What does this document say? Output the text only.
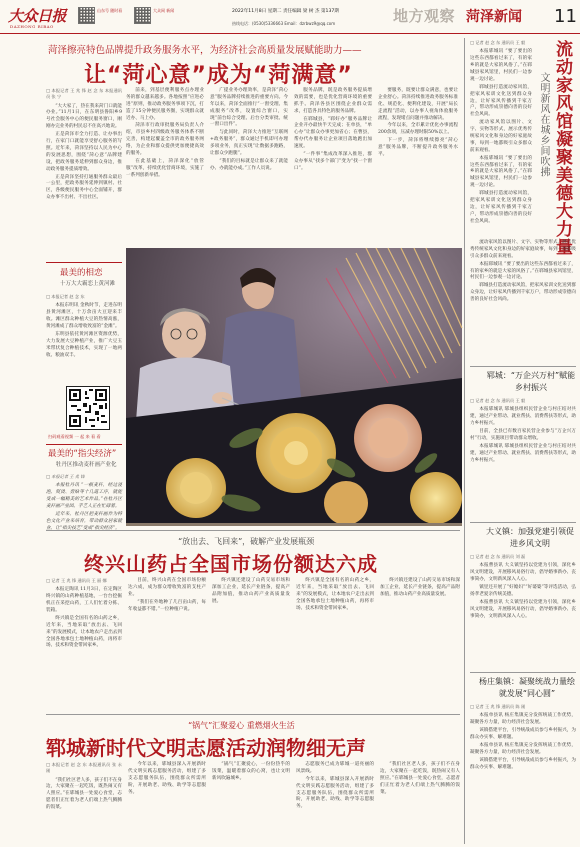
大众日报
DAZHONG RIBAO
山东号 随时看	大众网 新闻	2022年11月8日 星期二 责任编辑 梁 树 杰 第137期
热线电话：(0530)5336663 Email：dzrbwz9@qq.com	地方观察 菏泽新闻 11
菏泽擦亮特色品牌提升政务服务水平，为经济社会高质量发展赋能助力——
让“菏心意”成为“菏满意”
□ 本报记者 王 兆 锋 赵 念 东 本报通讯员 张 宁

“大大家了，热在我来菏门口就能办业。”11月1日，在东明县鲁阳乡9号社会服务中心的便民服务窗口，刚刚办完业务的村民忍不住高兴地说。

正是菏泽市全力打造、让办事出行，在家门口就能享受舒心服务的写照。近年来，菏泽坚持以人民为中心的发展思想，围绕“菏心意”品牌建设，把政务服务延伸到群众身边，推动政务服务提质增效。

正是菏泽坚持打通服务群众最后一公里，把政务服务延伸到镇村、社区，各级便民服务中心全面铺开，群众办事不出村、不出社区。

前来，到基层便利服务点办理业务的群众越来越多。各地按照“应进必进”原则，推动政务服务事项下沉，打造了15分钟便民服务圈，实现群众就近办、马上办。

菏泽市行政审批服务局负责人介绍，市县乡村四级政务服务体系不断完善，构建起覆盖全市的政务服务网络，为企业和群众提供更加便捷高效的服务。

在此基础上，菏泽深化“放管服”改革，持续优化营商环境，实施了一系列创新举措。

广提业务办理效率，是菏泽“菏心意”服务品牌持续推进的重要方向。今年以来，菏泽全面推行“一窗受理、集成服务”改革，设置综合窗口，实现“前台综合受理、后台分类审批、统一窗口出件”。

与此同时，菏泽大力推进“互联网+政务服务”，群众通过手机即可办理多项业务，真正实现“让数据多跑路，让群众少跑腿”。

“我们的目标就是让群众来了就能办、办就能办成。”工作人员说。

服务品牌，既是政务服务提质增效的需要，也是优化营商环境的重要抓手。菏泽各县区围绕企业群众需求，打造各具特色的服务品牌。

在郓城县，“郓好办”服务品牌让企业开办最快半天完成；在单县，“单心办”让群众办事更加省心；在曹县，帮办代办服务让企业项目落地跑出加速度。

“一件事”集成改革深入推进，群众办事从“找多个部门”变为“找一个窗口”。

要服务，既要让群众满意，也要让企业舒心。菏泽持续推进政务服务标准化、规范化、便利化建设，开展“局长走流程”活动，以办事人视角体验服务流程，发现堵点问题并推动解决。

今年以来，全市累计优化办事流程200余项，压减办理时限50%以上。

下一步，菏泽将继续擦亮“菏心意”服务品牌，不断提升政务服务水平。

最美的相恋
十万大大霸恋上黄河滩
□ 本报记者 赵 念 东

本报东明讯 金秋时节，走进东明县黄河滩区，十万余亩大豆迎来丰收。滩区群众种植大豆的热情高涨，黄河滩成了群众增收致富的“金滩”。

东明县依托黄河滩区资源优势，大力发展大豆种植产业，推广大豆玉米带状复合种植技术，实现了一地两收、粮油双丰。

扫码观看视频 一 起 来 看 看
最美的“指尖经济”
牡丹区推动麦秆画产业化
□ 本报记者 王 兆 锋

本报牡丹讯 “一根麦秆，经过浸泡、熨烫、剪贴等十几道工序，就能变成一幅精美的艺术作品。”在牡丹区麦秆画产业园，手艺人正在忙碌着。

近年来，牡丹区把麦秆画作为特色文化产业来培育，带动群众居家就业，让“指尖技艺”变成“指尖经济”。

“放出去、飞回来”，破解产业发展瓶颈
终兴山药占全国市场份额达六成
□ 记者 王 兆 锋 通讯员 王 丽 娜

本报定陶讯 11月3日，在定陶区终兴镇的山药种植基地，一台台挖掘机正在采挖山药，工人们忙着分拣、装箱。

终兴镇是全国有名的山药之乡，近年来，当地采取“放出去、飞回来”的发展模式，让本地农户走出去到全国各地承包土地种植山药，再将市场、技术和资金带回家乡。

目前，终兴山药在全国市场份额达六成，成为群众增收致富的支柱产业。

“我们在外地种了几百亩山药，每年收益都不错。”一位种植户说。

终兴镇还建设了山药交易市场和深加工企业，延长产业链条，提高产品附加值，推动山药产业高质量发展。

终兴镇是全国有名的山药之乡，近年来，当地采取“放出去、飞回来”的发展模式，让本地农户走出去到全国各地承包土地种植山药，再将市场、技术和资金带回家乡。

终兴镇还建设了山药交易市场和深加工企业，延长产业链条，提高产品附加值，推动山药产业高质量发展。

“锅气”汇聚爱心 重燃烟火生活
郓城新时代文明志愿活动润物细无声
□ 本报记者 赵 念 东 本报通讯员 张 永 刚

“我们社区老人多，孩子们不在身边，大家聚在一起吃饭，既热闹又有人照应。”在郓城县一处爱心食堂，志愿者们正忙着为老人们端上热气腾腾的饭菜。

今年以来，郓城县深入开展新时代文明实践志愿服务活动，组建了多支志愿服务队伍，围绕群众所需所盼，开展助老、助残、助学等志愿服务。

“锅气”汇聚爱心，一份份热乎的饭菜，温暖着群众的心窝，也让文明新风吹遍城乡。

志愿服务已成为郓城一道亮丽的风景线。

今年以来，郓城县深入开展新时代文明实践志愿服务活动，组建了多支志愿服务队伍，围绕群众所需所盼，开展助老、助残、助学等志愿服务。

“我们社区老人多，孩子们不在身边，大家聚在一起吃饭，既热闹又有人照应。”在郓城县一处爱心食堂，志愿者们正忙着为老人们端上热气腾腾的饭菜。

流动家风馆凝聚美德大力量
文明新风在城乡间吹拂
□ 记者 赵 念 东 通讯员 王 毅

本报郓城讯 “要了要出的这些东西都看过来了，有的家乡的就是大家的风俗了。”在郓城县家风馆里，村民们一边参观一边讨论。

郓城县打造流动家风馆，把家风家训文化送到群众身边，让好家风传播到千家万户，带动形成崇德向善的良好社会风尚。

流动家风馆以图片、文字、实物等形式，展示优秀传统家风文化和身边的好家庭故事，每到一地都吸引众多群众前来观看。

本报郓城讯 “要了要出的这些东西都看过来了，有的家乡的就是大家的风俗了。”在郓城县家风馆里，村民们一边参观一边讨论。

郓城县打造流动家风馆，把家风家训文化送到群众身边，让好家风传播到千家万户，带动形成崇德向善的良好社会风尚。

流动家风馆以图片、文字、实物等形式，展示优秀传统家风文化和身边的好家庭故事，每到一地都吸引众多群众前来观看。

本报郓城讯 “要了要出的这些东西都看过来了，有的家乡的就是大家的风俗了。”在郓城县家风馆里，村民们一边参观一边讨论。

郓城县打造流动家风馆，把家风家训文化送到群众身边，让好家风传播到千家万户，带动形成崇德向善的良好社会风尚。

郓城：“万企兴万村”赋能乡村振兴
□ 记者 赵 念 东 通讯员 王 毅

本报郓城讯 郓城县组织民营企业与村庄结对共建，通过产业带动、就业帮扶、消费帮扶等形式，助力乡村振兴。

目前，全县已有数百家民营企业参与“万企兴万村”行动，实施项目带动群众增收。

本报郓城讯 郓城县组织民营企业与村庄结对共建，通过产业带动、就业帮扶、消费帮扶等形式，助力乡村振兴。

大义镇：加强党建引领促进乡风文明
□ 记者 赵 念 东 通讯员 刘 磊

本报曹县讯 大义镇坚持以党建为引领，深化乡风文明建设，开展移风易俗行动，倡导婚事新办、丧事简办，文明新风深入人心。

镇里还开展了“好媳妇”“好婆婆”等评选活动，弘扬孝老爱亲传统美德。

本报曹县讯 大义镇坚持以党建为引领，深化乡风文明建设，开展移风易俗行动，倡导婚事新办、丧事简办，文明新风深入人心。

杨庄集镇：凝聚统战力量绘就发展“同心圆”
□ 记者 王 兆 锋 通讯员 陈 刚

本报单县讯 杨庄集镇充分发挥统战工作优势，凝聚各方力量，助力经济社会发展。

该镇搭建平台，引导统战成员参与乡村振兴，为群众办实事、解难题。

本报单县讯 杨庄集镇充分发挥统战工作优势，凝聚各方力量，助力经济社会发展。

该镇搭建平台，引导统战成员参与乡村振兴，为群众办实事、解难题。
